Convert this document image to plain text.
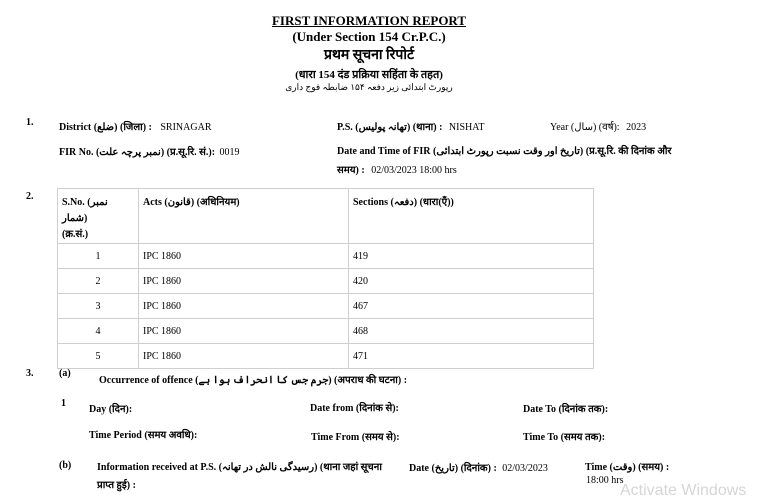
FIRST INFORMATION REPORT
(Under Section 154 Cr.P.C.)
प्रथम सूचना रिपोर्ट
(धारा 154 दंड प्रक्रिया सहिंता के तहत)
رپورٹ ابتدائی زیر دفعہ ۱۵۴ ضابطہ فوج داری
1.	District (ضلع) (जिला) : SRINAGAR	P.S. (تھانہ پولیس) (थाना) : NISHAT	Year (سال) (वर्ष): 2023
FIR No. (نمبر پرچہ علت) (प्र.सू.रि. सं.): 0019	Date and Time of FIR (تاریخ اور وقت نسبت رپورٹ ابتدائی) (प्र.सू.रि. की दिनांक और
समय) : 02/03/2023 18:00 hrs
2.
S.No. (نمبر شمار)
(क्र.सं.)	Acts (قانون) (अधिनियम)	Sections (دفعہ) (धारा(एँ))
1	IPC 1860	419
2	IPC 1860	420
3	IPC 1860	467
4	IPC 1860	468
5	IPC 1860	471
3.	(a)
Occurrence of offence (جرم جس کا انحراف ہوا ہے) (अपराध की घटना) :
1
Day (दिन):	Date from (दिनांक से):	Date To (दिनांक तक):
Time Period (समय अवधि):	Time From (समय से):	Time To (समय तक):
(b)	Information received at P.S. (رسیدگی نالش در تھانہ) (थाना जहां सूचना
प्राप्त हुई) :
Date (تاریخ) (दिनांक) : 02/03/2023	Time (وقت) (समय) :
18:00 hrs
Activate Windows
